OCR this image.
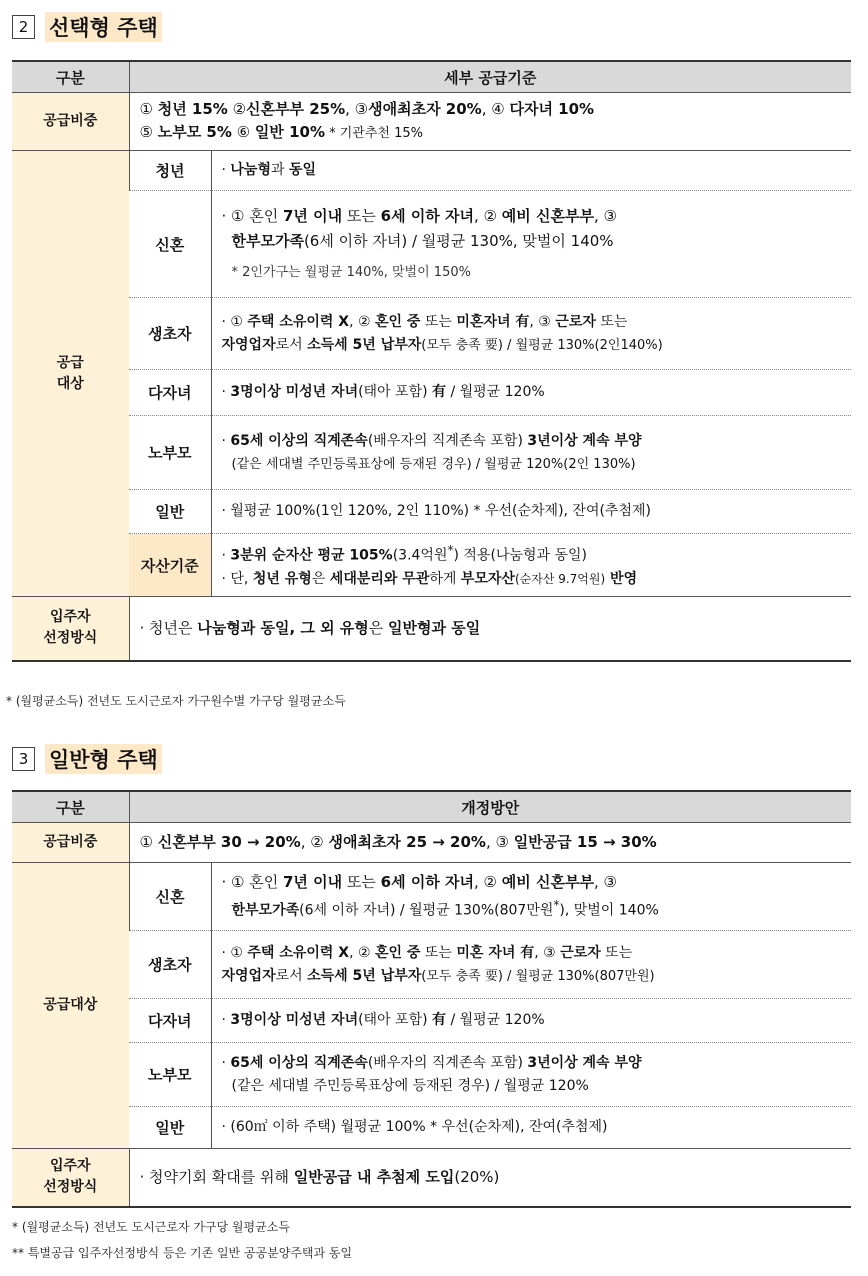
2 선택형 주택
구분	세부 공급기준	
공급비중	① 청년 15% ②신혼부부 25%, ③생애최초자 20%, ④ 다자녀 10%
⑤ 노부모 5% ⑥ 일반 10% * 기관추천 15%	

공급
대상	청년	· 나눔형과 동일
	신혼	· ① 혼인 7년 이내 또는 6세 이하 자녀, ② 예비 신혼부부, ③
한부모가족(6세 이하 자녀) / 월평균 130%, 맞벌이 140%
* 2인가구는 월평균 140%, 맞벌이 150%

	생초자	· ① 주택 소유이력 X, ② 혼인 중 또는 미혼자녀 有, ③ 근로자 또는
자영업자로서 소득세 5년 납부자(모두 충족 要) / 월평균 130%(2인140%)

	다자녀	· 3명이상 미성년 자녀(태아 포함) 有 / 월평균 120%
	노부모	· 65세 이상의 직계존속(배우자의 직계존속 포함) 3년이상 계속 부양
(같은 세대별 주민등록표상에 등재된 경우) / 월평균 120%(2인 130%)

	일반	· 월평균 100%(1인 120%, 2인 110%) * 우선(순차제), 잔여(추첨제)
	자산기준	· 3분위 순자산 평균 105%(3.4억원*) 적용(나눔형과 동일)
· 단, 청년 유형은 세대분리와 무관하게 부모자산(순자산 9.7억원) 반영

입주자
선정방식	· 청년은 나눔형과 동일, 그 외 유형은 일반형과 동일	
* (월평균소득) 전년도 도시근로자 가구원수별 가구당 월평균소득
3 일반형 주택
구분	개정방안	
공급비중	① 신혼부부 30 → 20%, ② 생애최초자 25 → 20%, ③ 일반공급 15 → 30%	
공급대상	신혼	· ① 혼인 7년 이내 또는 6세 이하 자녀, ② 예비 신혼부부, ③
한부모가족(6세 이하 자녀) / 월평균 130%(807만원*), 맞벌이 140%

	생초자	· ① 주택 소유이력 X, ② 혼인 중 또는 미혼 자녀 有, ③ 근로자 또는
자영업자로서 소득세 5년 납부자(모두 충족 要) / 월평균 130%(807만원)

	다자녀	· 3명이상 미성년 자녀(태아 포함) 有 / 월평균 120%
	노부모	· 65세 이상의 직계존속(배우자의 직계존속 포함) 3년이상 계속 부양
(같은 세대별 주민등록표상에 등재된 경우) / 월평균 120%

	일반	· (60㎡ 이하 주택) 월평균 100% * 우선(순차제), 잔여(추첨제)

입주자
선정방식	· 청약기회 확대를 위해 일반공급 내 추첨제 도입(20%)	
* (월평균소득) 전년도 도시근로자 가구당 월평균소득
** 특별공급 입주자선정방식 등은 기존 일반 공공분양주택과 동일
